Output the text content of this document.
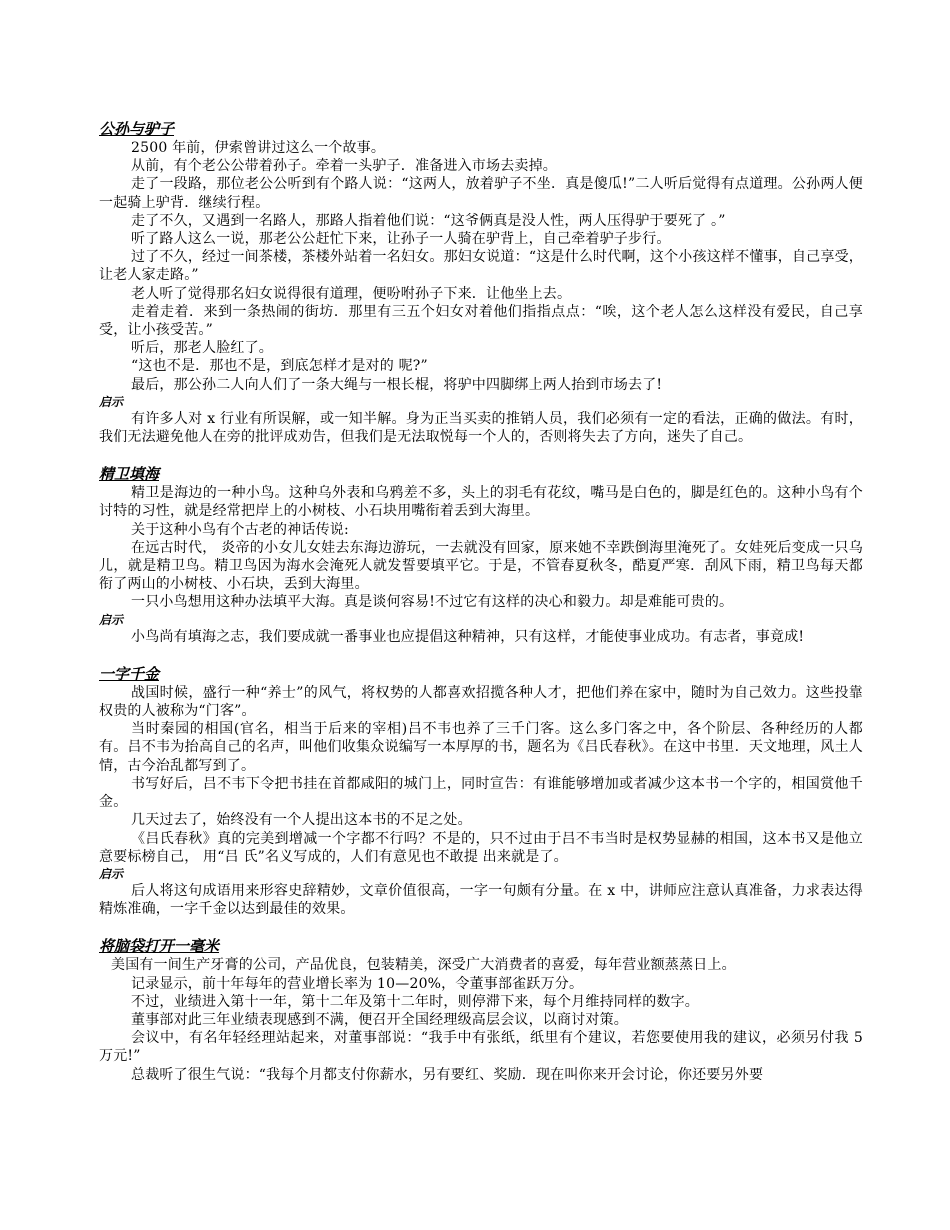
公孙与驴子

2500 年前，伊索曾讲过这么一个故事。

从前，有个老公公带着孙子。牵着一头驴子．准备进入市场去卖掉。

走了一段路，那位老公公听到有个路人说：“这两人，放着驴子不坐．真是傻瓜!”二人听后觉得有点道理。公孙两人便一起骑上驴背．继续行程。

走了不久，又遇到一名路人，那路人指着他们说：“这爷俩真是没人性，两人压得驴于要死了 。”

听了路人这么一说，那老公公赶忙下来，让孙子一人骑在驴背上，自己牵着驴子步行。

过了不久，经过一间茶楼，茶楼外站着一名妇女。那妇女说道：“这是什么时代啊，这个小孩这样不懂事，自己享受，让老人家走路。”

老人听了觉得那名妇女说得很有道理，便吩咐孙子下来．让他坐上去。

走着走着．来到一条热闹的街坊．那里有三五个妇女对着他们指指点点：“唉，这个老人怎么这样没有爱民，自己享受，让小孩受苦。”

听后，那老人脸红了。

“这也不是．那也不是，到底怎样才是对的 呢?”

最后，那公孙二人向人们了一条大绳与一根长棍，将驴中四脚绑上两人抬到市场去了!

启示

有许多人对 x 行业有所误解，或一知半解。身为正当买卖的推销人员，我们必须有一定的看法，正确的做法。有时，我们无法避免他人在旁的批评成劝告，但我们是无法取悦每一个人的，否则将失去了方向，迷失了自己。

精卫填海

精卫是海边的一种小鸟。这种乌外表和乌鸦差不多，头上的羽毛有花纹，嘴马是白色的，脚是红色的。这种小鸟有个讨特的习性，就是经常把岸上的小树枝、小石块用嘴衔着丢到大海里。

关于这种小鸟有个古老的神话传说:

在远古时代， 炎帝的小女儿女娃去东海边游玩，一去就没有回家，原来她不幸跌倒海里淹死了。女娃死后变成一只乌儿，就是精卫鸟。精卫鸟因为海水会淹死人就发誓要填平它。于是，不管春夏秋冬，酷夏严寒．刮风下雨，精卫鸟每天都衔了两山的小树枝、小石块，丢到大海里。

一只小鸟想用这种办法填平大海。真是谈何容易!不过它有这样的决心和毅力。却是难能可贵的。

启示

小鸟尚有填海之志，我们要成就一番事业也应提倡这种精神，只有这样，才能使事业成功。有志者，事竟成!

一字千金

战国时候，盛行一种“养士”的风气，将权势的人都喜欢招揽各种人才，把他们养在家中，随时为自己效力。这些投靠权贵的人被称为“门客”。

当时秦园的相国(官名，相当于后来的宰相)吕不韦也养了三千门客。这么多门客之中，各个阶层、各种经历的人都有。吕不韦为抬高自己的名声，叫他们收集众说编写一本厚厚的书，题名为《吕氏春秋》。在这中书里．天文地理，风土人情，古今治乱都写到了。

书写好后，吕不韦下令把书挂在首都咸阳的城门上，同时宣告：有谁能够增加或者减少这本书一个字的，相国赏他千金。

几天过去了，始终没有一个人提出这本书的不足之处。

《吕氏春秋》真的完美到增减一个字都不行吗？不是的，只不过由于吕不韦当时是权势显赫的相国，这本书又是他立意要标榜自己， 用“吕 氏”名义写成的，人们有意见也不敢提 出来就是了。

启示

后人将这句成语用来形容史辞精妙，文章价值很高，一字一句颇有分量。在 x 中，讲师应注意认真准备，力求表达得精炼准确，一字千金以达到最佳的效果。

将脑袋打开一毫米

美国有一间生产牙膏的公司，产品优良，包装精美，深受广大消费者的喜爱，每年营业额蒸蒸日上。

记录显示，前十年每年的营业增长率为 10—20%，令董事部雀跃万分。

不过，业绩进入第十一年，第十二年及第十二年时，则停滞下来，每个月维持同样的数字。

董事部对此三年业绩表现感到不满，便召开全国经理级高层会议，以商讨对策。

会议中，有名年轻经理站起来，对董事部说：“我手中有张纸，纸里有个建议，若您要使用我的建议，必须另付我 5 万元!”

总裁听了很生气说：“我每个月都支付你薪水，另有要红、奖励．现在叫你来开会讨论，你还要另外要
